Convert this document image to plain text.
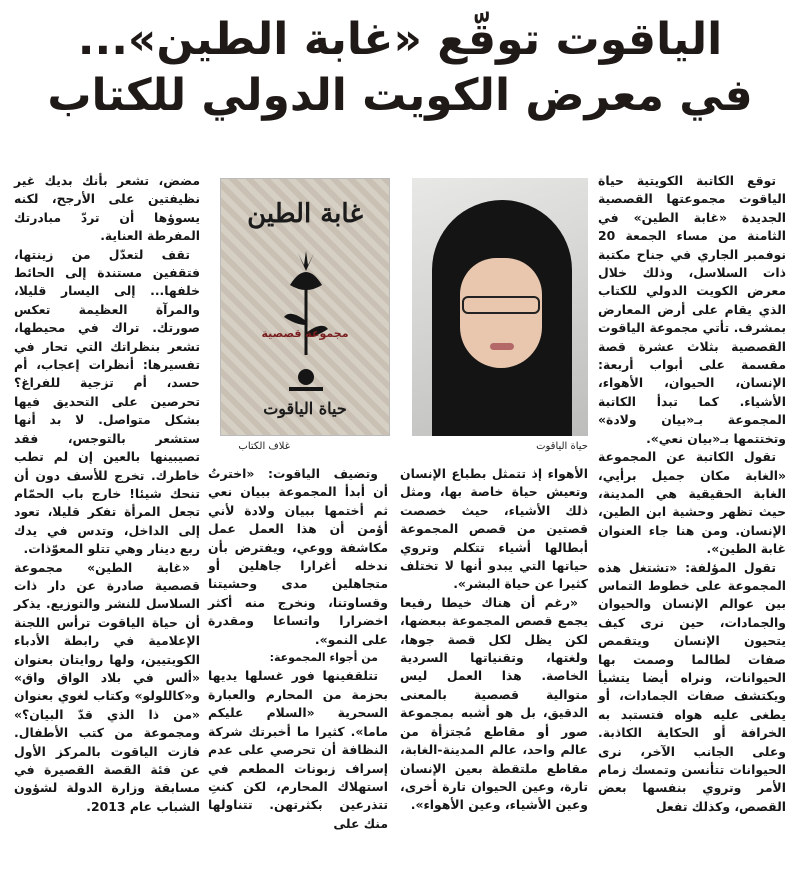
الياقوت توقّع «غابة الطين»...
في معرض الكويت الدولي للكتاب

توقع الكاتبة الكويتية حياة الياقوت مجموعتها القصصية الجديدة «غابة الطين» في الثامنة من مساء الجمعة 20 نوفمبر الجاري في جناح مكتبة ذات السلاسل، وذلك خلال معرض الكويت الدولي للكتاب الذي يقام على أرض المعارض بمشرف. تأتي مجموعة الياقوت القصصية بثلاث عشرة قصة مقسمة على أبواب أربعة: الإنسان، الحيوان، الأهواء، الأشياء. كما تبدأ الكاتبة المجموعة بـ«بيان ولادة» وتختتمها بـ«بيان نعي».

تقول الكاتبة عن المجموعة «الغابة مكان جميل برأيي، الغابة الحقيقية هي المدينة، حيث تظهر وحشية ابن الطين، الإنسان. ومن هنا جاء العنوان غابة الطين».

تقول المؤلفة: «تشتغل هذه المجموعة على خطوط التماس بين عوالم الإنسان والحيوان والجمادات، حين نرى كيف يتحيون الإنسان ويتقمص صفات لطالما وصمت بها الحيوانات، ونراه أيضا يتشيأ ويكتشف صفات الجمادات، أو يطغى عليه هواه فتستبد به الخرافة أو الحكاية الكاذبة. وعلى الجانب الآخر، نرى الحيوانات تتأنسن وتمسك زمام الأمر وتروي بنفسها بعض القصص، وكذلك تفعل

حياة الياقوت
غابة الطين
مجموعة قصصية
حياة الياقوت
غلاف الكتاب

الأهواء إذ تتمثل بطباع الإنسان وتعيش حياة خاصة بها، ومثل ذلك الأشياء، حيث خصصت قصتين من قصص المجموعة أبطالها أشياء تتكلم وتروي حياتها التي يبدو أنها لا تختلف كثيرا عن حياة البشر».

«رغم أن هناك خيطا رفيعا يجمع قصص المجموعة ببعضها، لكن يظل لكل قصة جوها، ولغتها، وتقنياتها السردية الخاصة. هذا العمل ليس متوالية قصصية بالمعنى الدقيق، بل هو أشبه بمجموعة صور أو مقاطع مُجتزأة من عالم واحد، عالم المدينة-الغابة، مقاطع ملتقطة بعين الإنسان تارة، وعين الحيوان تارة أخرى، وعين الأشياء، وعين الأهواء».

وتضيف الياقوت: «اخترتُ أن أبدأ المجموعة ببيان نعي ثم أختمها ببيان ولادة لأني أؤمن أن هذا العمل عمل مكاشفة ووعي، ويفترض بأن ندخله أغرارا جاهلين أو متجاهلين مدى وحشيتنا وقساوتنا، ونخرج منه أكثر اخضرارا واتساعا ومقدرة على النمو».

من أجواء المجموعة:

تتلقفينها فور غسلها يديها بحزمة من المحارم والعبارة السحرية «السلام عليكم ماما». كثيرا ما أخبرتك شركة النظافة أن تحرصي على عدم إسراف زبونات المطعم في استهلاك المحارم، لكن كنتِ تتذرعين بكثرتهن. تتناولها منك على

مضض، تشعر بأنك بديك غير نظيفتين على الأرجح، لكنه يسوؤها أن تردّ مبادرتك المفرطة العناية.

تقف لتعدّل من زينتها، فتقفين مستندة إلى الحائط خلفها... إلى اليسار قليلا، والمرآة العظيمة تعكس صورتك. تراك في محيطها، تشعر بنظراتك التي تحار في تفسيرها: أنظرات إعجاب، أم حسد، أم تزجية للفراغ؟ تحرصين على التحديق فيها بشكل متواصل. لا بد أنها ستشعر بالتوجس، فقد تصيبينها بالعين إن لم تطب خاطرك. تخرج للأسف دون أن تنحك شيئا! خارج باب الحمّام تجعل المرأة تفكر قليلا، تعود إلى الداخل، وتدس في يدك ربع دينار وهي تتلو المعوّذات.

«غابة الطين» مجموعة قصصية صادرة عن دار ذات السلاسل للنشر والتوزيع. يذكر أن حياة الياقوت ترأس اللجنة الإعلامية في رابطة الأدباء الكويتيين، ولها روايتان بعنوان «ألس في بلاد الواق واق» و«كاللولو» وكتاب لغوي بعنوان «من ذا الذي قدّ البيان؟» ومجموعة من كتب الأطفال. فازت الياقوت بالمركز الأول عن فئة القصة القصيرة في مسابقة وزارة الدولة لشؤون الشباب عام 2013.
